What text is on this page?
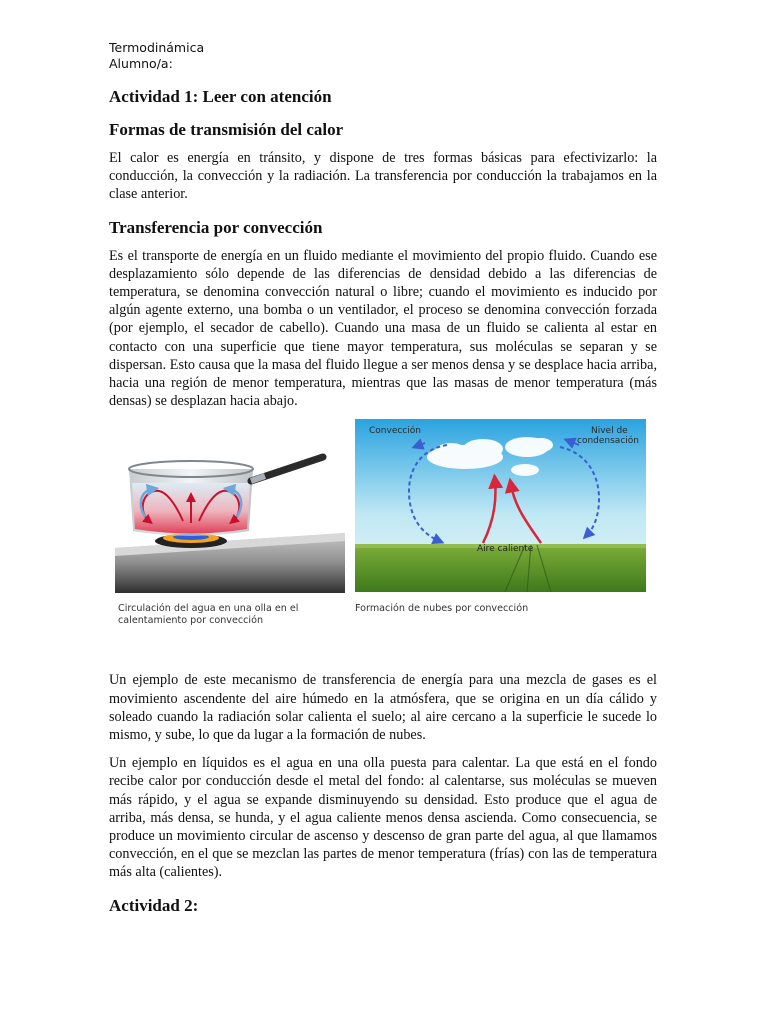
Termodinámica
Alumno/a:
Actividad 1: Leer con atención
Formas de transmisión del calor

El calor es energía en tránsito, y dispone de tres formas básicas para efectivizarlo: la conducción, la convección y la radiación. La transferencia por conducción la trabajamos en la clase anterior.

Transferencia por convección

Es el transporte de energía en un fluido mediante el movimiento del propio fluido. Cuando ese desplazamiento sólo depende de las diferencias de densidad debido a las diferencias de temperatura, se denomina convección natural o libre; cuando el movimiento es inducido por algún agente externo, una bomba o un ventilador, el proceso se denomina convección forzada (por ejemplo, el secador de cabello). Cuando una masa de un fluido se calienta al estar en contacto con una superficie que tiene mayor temperatura, sus moléculas se separan y se dispersan. Esto causa que la masa del fluido llegue a ser menos densa y se desplace hacia arriba, hacia una región de menor temperatura, mientras que las masas de menor temperatura (más densas) se desplazan hacia abajo.

Convección	Nivel de
condensación
Aire caliente
Circulación del agua en una olla en el calentamiento por convección
Formación de nubes por convección

Un ejemplo de este mecanismo de transferencia de energía para una mezcla de gases es el movimiento ascendente del aire húmedo en la atmósfera, que se origina en un día cálido y soleado cuando la radiación solar calienta el suelo; al aire cercano a la superficie le sucede lo mismo, y sube, lo que da lugar a la formación de nubes.

Un ejemplo en líquidos es el agua en una olla puesta para calentar. La que está en el fondo recibe calor por conducción desde el metal del fondo: al calentarse, sus moléculas se mueven más rápido, y el agua se expande disminuyendo su densidad. Esto produce que el agua de arriba, más densa, se hunda, y el agua caliente menos densa ascienda. Como consecuencia, se produce un movimiento circular de ascenso y descenso de gran parte del agua, al que llamamos convección, en el que se mezclan las partes de menor temperatura (frías) con las de temperatura más alta (calientes).

Actividad 2:
